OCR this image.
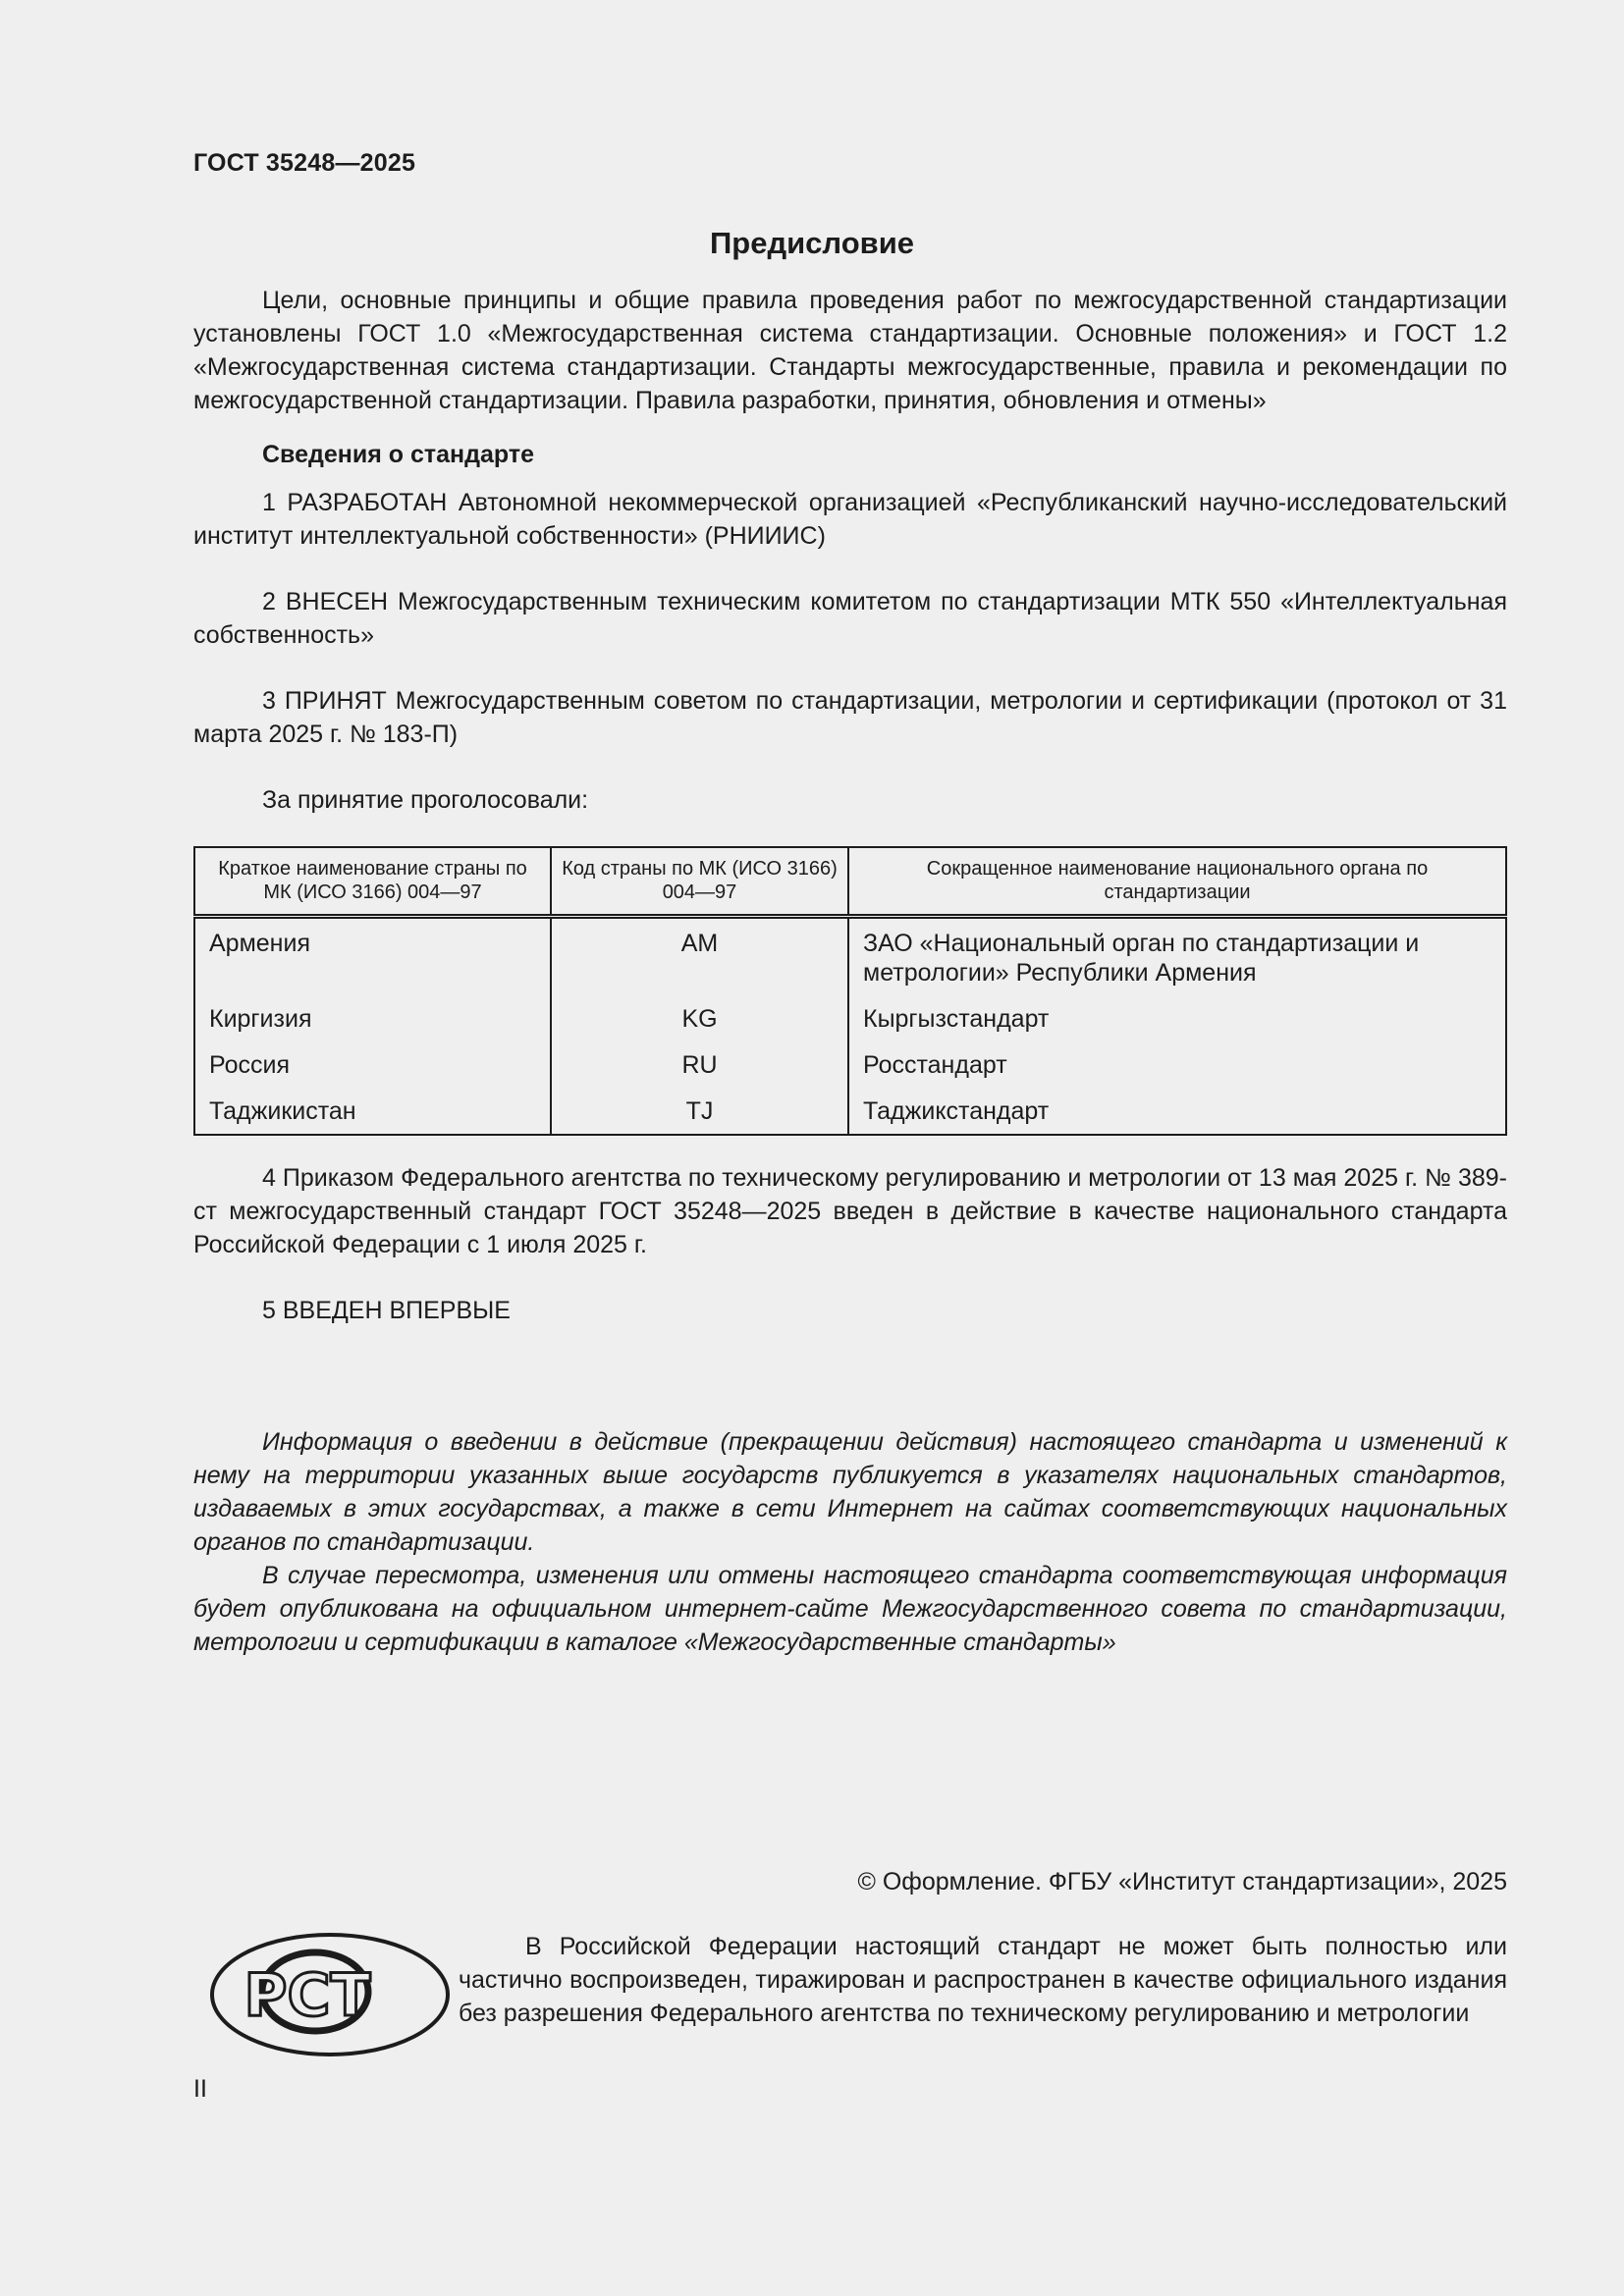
ГОСТ 35248—2025
Предисловие

Цели, основные принципы и общие правила проведения работ по межгосударственной стандартизации установлены ГОСТ 1.0 «Межгосударственная система стандартизации. Основные положения» и ГОСТ 1.2 «Межгосударственная система стандартизации. Стандарты межгосударственные, правила и рекомендации по межгосударственной стандартизации. Правила разработки, принятия, обновления и отмены»

Сведения о стандарте

1 РАЗРАБОТАН Автономной некоммерческой организацией «Республиканский научно-исследовательский институт интеллектуальной собственности» (РНИИИС)

2 ВНЕСЕН Межгосударственным техническим комитетом по стандартизации МТК 550 «Интеллектуальная собственность»

3 ПРИНЯТ Межгосударственным советом по стандартизации, метрологии и сертификации (протокол от 31 марта 2025 г. № 183-П)

За принятие проголосовали:

Краткое наименование страны по МК (ИСО 3166) 004—97	Код страны по МК (ИСО 3166) 004—97	Сокращенное наименование национального органа по стандартизации
Армения	AM	ЗАО «Национальный орган по стандартизации и метрологии» Республики Армения
Киргизия	KG	Кыргызстандарт
Россия	RU	Росстандарт
Таджикистан	TJ	Таджикстандарт

4 Приказом Федерального агентства по техническому регулированию и метрологии от 13 мая 2025 г. № 389-ст межгосударственный стандарт ГОСТ 35248—2025 введен в действие в качестве национального стандарта Российской Федерации с 1 июля 2025 г.

5 ВВЕДЕН ВПЕРВЫЕ

Информация о введении в действие (прекращении действия) настоящего стандарта и изменений к нему на территории указанных выше государств публикуется в указателях национальных стандартов, издаваемых в этих государствах, а также в сети Интернет на сайтах соответствующих национальных органов по стандартизации.

В случае пересмотра, изменения или отмены настоящего стандарта соответствующая информация будет опубликована на официальном интернет-сайте Межгосударственного совета по стандартизации, метрологии и сертификации в каталоге «Межгосударственные стандарты»

© Оформление. ФГБУ «Институт стандартизации», 2025
РСТ
В Российской Федерации настоящий стандарт не может быть полностью или частично воспроизведен, тиражирован и распространен в качестве официального издания без разрешения Федерального агентства по техническому регулированию и метрологии
II
